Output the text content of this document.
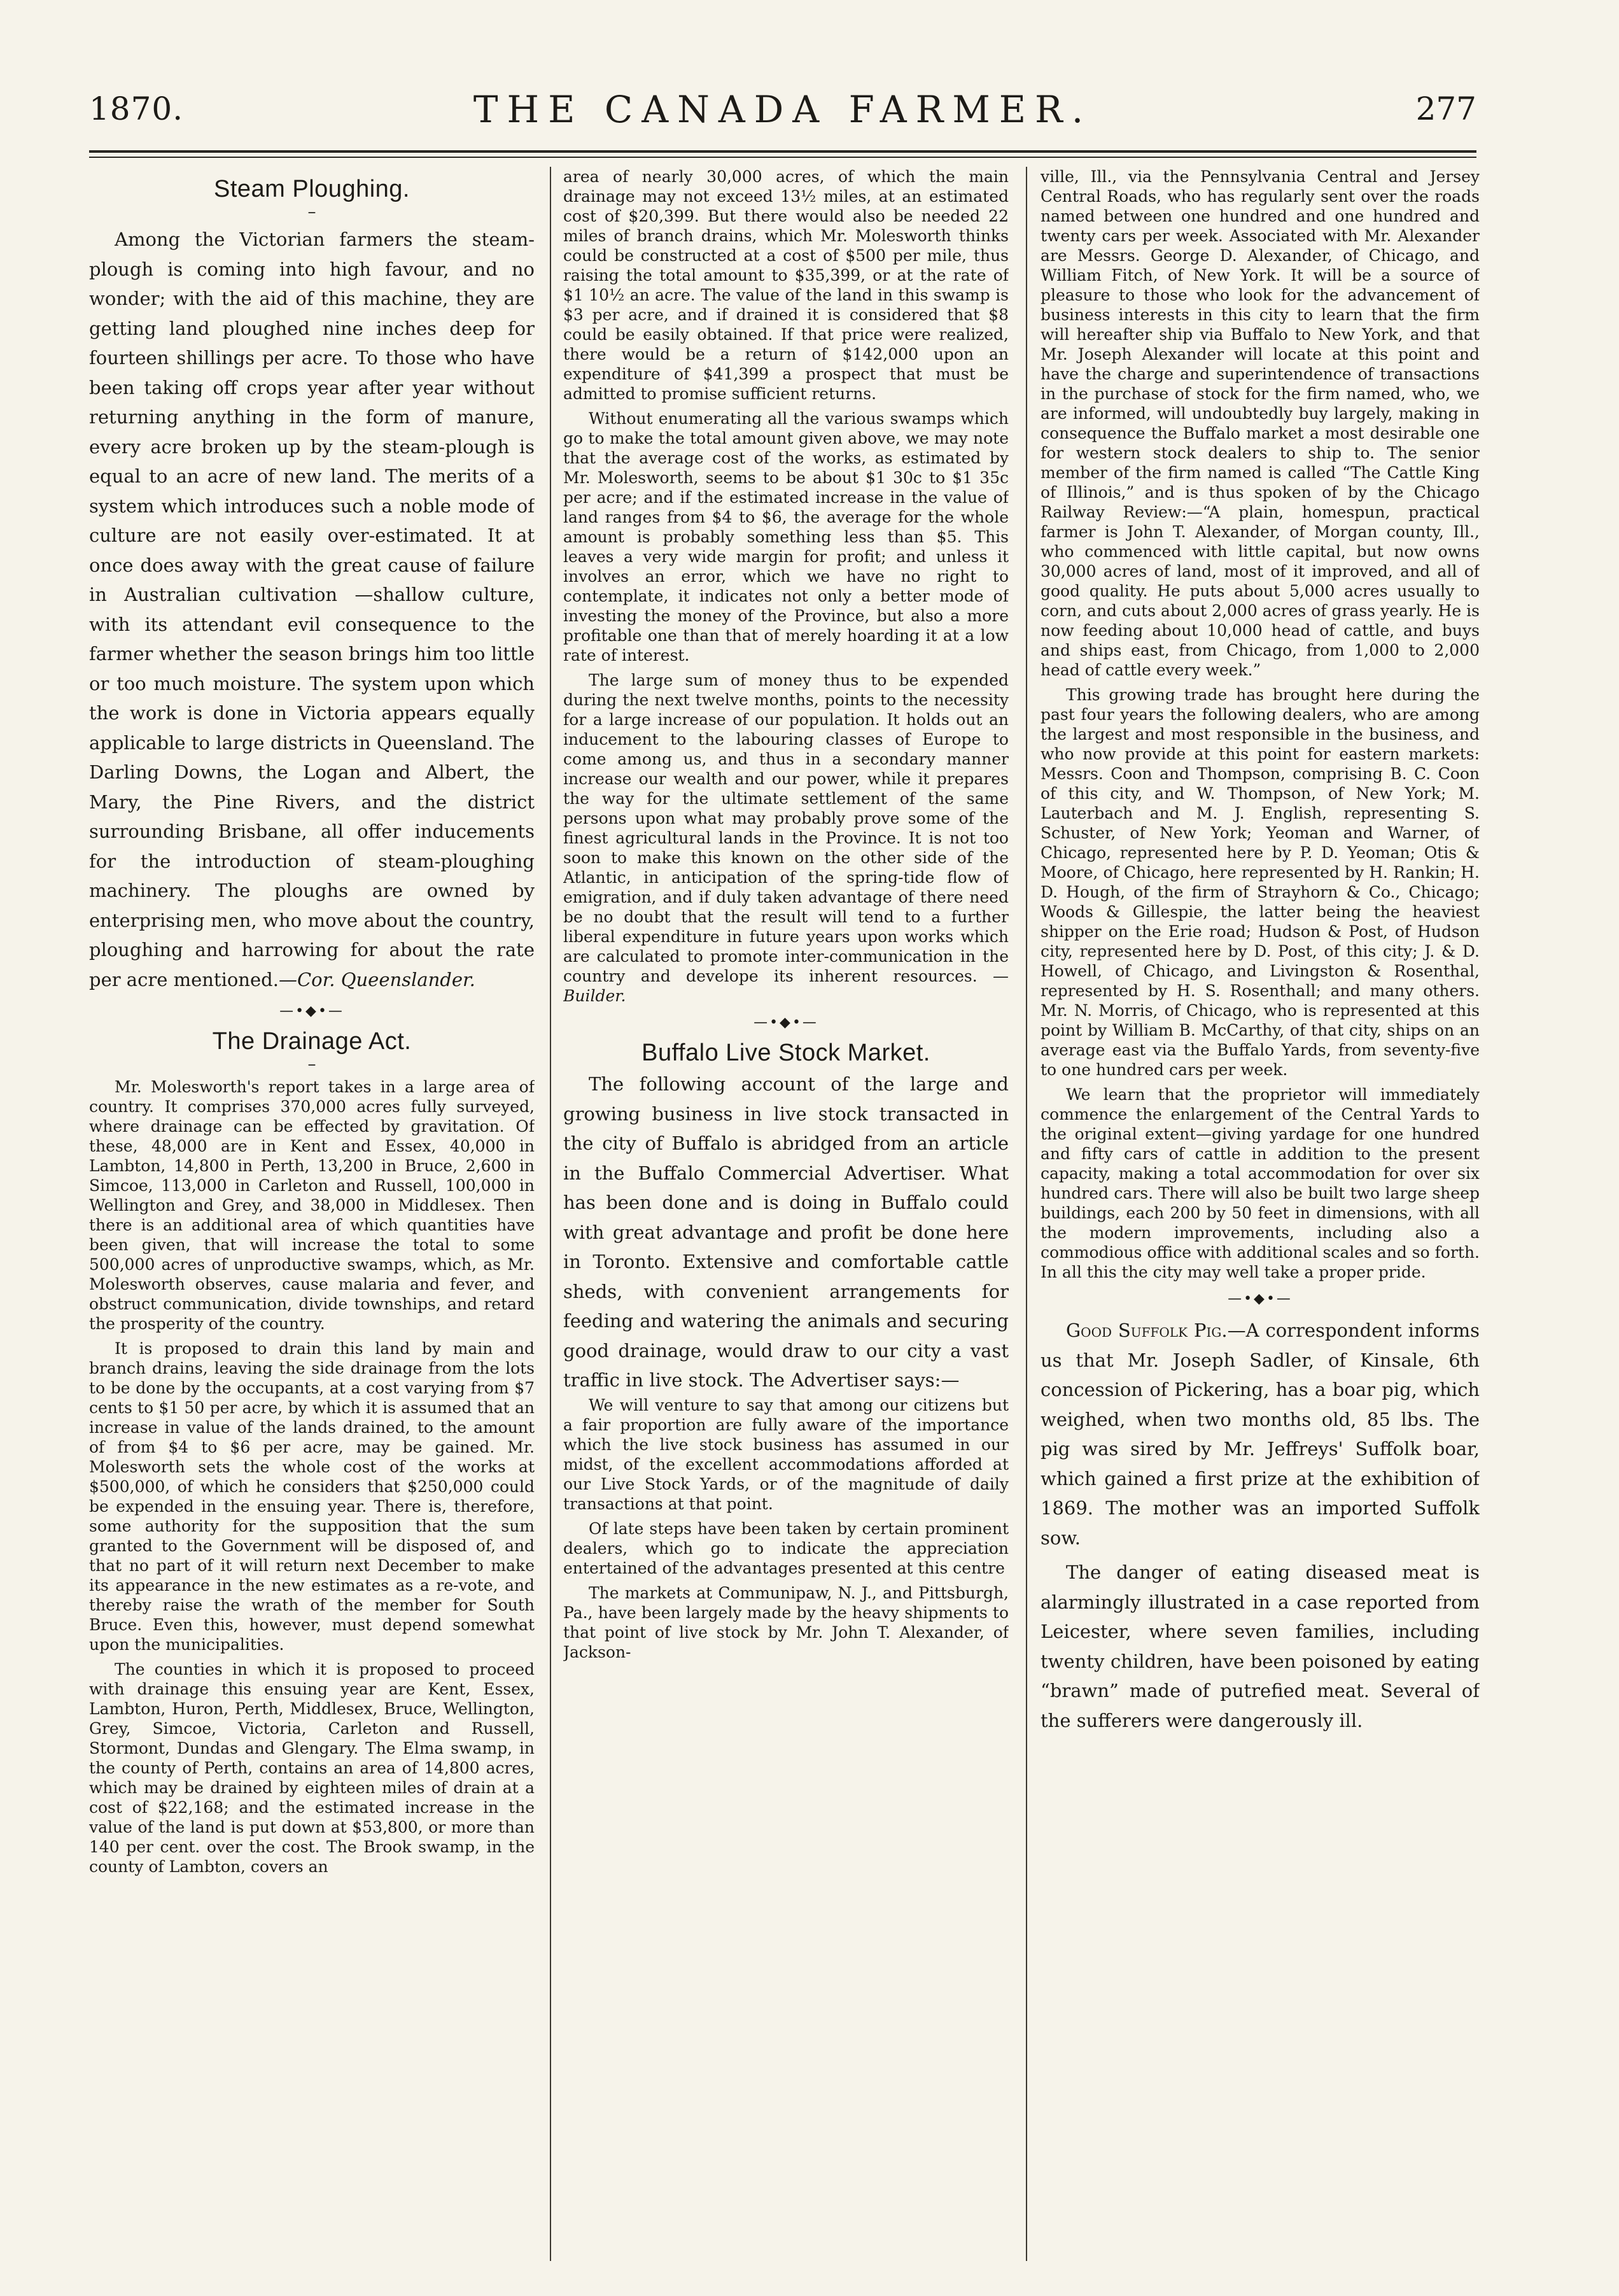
1870.	THE CANADA FARMER.	277
Steam Ploughing.
–

Among the Victorian farmers the steam-plough is coming into high favour, and no wonder; with the aid of this machine, they are getting land ploughed nine inches deep for fourteen shillings per acre. To those who have been taking off crops year after year without returning anything in the form of manure, every acre broken up by the steam-plough is equal to an acre of new land. The merits of a system which introduces such a noble mode of culture are not easily over-estimated. It at once does away with the great cause of failure in Australian cultivation —shallow culture, with its attendant evil consequence to the farmer whether the season brings him too little or too much moisture. The system upon which the work is done in Victoria appears equally applicable to large districts in Queensland. The Darling Downs, the Logan and Albert, the Mary, the Pine Rivers, and the district surrounding Brisbane, all offer inducements for the introduction of steam-ploughing machinery. The ploughs are owned by enterprising men, who move about the country, ploughing and harrowing for about the rate per acre mentioned.—Cor. Queenslander.

—•◆•—
The Drainage Act.
–

Mr. Molesworth's report takes in a large area of country. It comprises 370,000 acres fully surveyed, where drainage can be effected by gravitation. Of these, 48,000 are in Kent and Essex, 40,000 in Lambton, 14,800 in Perth, 13,200 in Bruce, 2,600 in Simcoe, 113,000 in Carleton and Russell, 100,000 in Wellington and Grey, and 38,000 in Middlesex. Then there is an additional area of which quantities have been given, that will increase the total to some 500,000 acres of unproductive swamps, which, as Mr. Molesworth observes, cause malaria and fever, and obstruct communication, divide townships, and retard the prosperity of the country.

It is proposed to drain this land by main and branch drains, leaving the side drainage from the lots to be done by the occupants, at a cost varying from $7 cents to $1 50 per acre, by which it is assumed that an increase in value of the lands drained, to the amount of from $4 to $6 per acre, may be gained. Mr. Molesworth sets the whole cost of the works at $500,000, of which he considers that $250,000 could be expended in the ensuing year. There is, therefore, some authority for the supposition that the sum granted to the Government will be disposed of, and that no part of it will return next December to make its appearance in the new estimates as a re-vote, and thereby raise the wrath of the member for South Bruce. Even this, however, must depend somewhat upon the municipalities.

The counties in which it is proposed to proceed with drainage this ensuing year are Kent, Essex, Lambton, Huron, Perth, Middlesex, Bruce, Wellington, Grey, Simcoe, Victoria, Carleton and Russell, Stormont, Dundas and Glengary. The Elma swamp, in the county of Perth, contains an area of 14,800 acres, which may be drained by eighteen miles of drain at a cost of $22,168; and the estimated increase in the value of the land is put down at $53,800, or more than 140 per cent. over the cost. The Brook swamp, in the county of Lambton, covers an

area of nearly 30,000 acres, of which the main drainage may not exceed 13½ miles, at an estimated cost of $20,399. But there would also be needed 22 miles of branch drains, which Mr. Molesworth thinks could be constructed at a cost of $500 per mile, thus raising the total amount to $35,399, or at the rate of $1 10½ an acre. The value of the land in this swamp is $3 per acre, and if drained it is considered that $8 could be easily obtained. If that price were realized, there would be a return of $142,000 upon an expenditure of $41,399 a prospect that must be admitted to promise sufficient returns.

Without enumerating all the various swamps which go to make the total amount given above, we may note that the average cost of the works, as estimated by Mr. Molesworth, seems to be about $1 30c to $1 35c per acre; and if the estimated increase in the value of land ranges from $4 to $6, the average for the whole amount is probably something less than $5. This leaves a very wide margin for profit; and unless it involves an error, which we have no right to contemplate, it indicates not only a better mode of investing the money of the Province, but also a more profitable one than that of merely hoarding it at a low rate of interest.

The large sum of money thus to be expended during the next twelve months, points to the necessity for a large increase of our population. It holds out an inducement to the labouring classes of Europe to come among us, and thus in a secondary manner increase our wealth and our power, while it prepares the way for the ultimate settlement of the same persons upon what may probably prove some of the finest agricultural lands in the Province. It is not too soon to make this known on the other side of the Atlantic, in anticipation of the spring-tide flow of emigration, and if duly taken advantage of there need be no doubt that the result will tend to a further liberal expenditure in future years upon works which are calculated to promote inter-communication in the country and develope its inherent resources. — Builder.

—•◆•—
Buffalo Live Stock Market.

The following account of the large and growing business in live stock transacted in the city of Buffalo is abridged from an article in the Buffalo Commercial Advertiser. What has been done and is doing in Buffalo could with great advantage and profit be done here in Toronto. Extensive and comfortable cattle sheds, with convenient arrangements for feeding and watering the animals and securing good drainage, would draw to our city a vast traffic in live stock. The Advertiser says:—

We will venture to say that among our citizens but a fair proportion are fully aware of the importance which the live stock business has assumed in our midst, of the excellent accommodations afforded at our Live Stock Yards, or of the magnitude of daily transactions at that point.

Of late steps have been taken by certain prominent dealers, which go to indicate the appreciation entertained of the advantages presented at this centre

The markets at Communipaw, N. J., and Pittsburgh, Pa., have been largely made by the heavy shipments to that point of live stock by Mr. John T. Alexander, of Jackson-

ville, Ill., via the Pennsylvania Central and Jersey Central Roads, who has regularly sent over the roads named between one hundred and one hundred and twenty cars per week. Associated with Mr. Alexander are Messrs. George D. Alexander, of Chicago, and William Fitch, of New York. It will be a source of pleasure to those who look for the advancement of business interests in this city to learn that the firm will hereafter ship via Buffalo to New York, and that Mr. Joseph Alexander will locate at this point and have the charge and superintendence of transactions in the purchase of stock for the firm named, who, we are informed, will undoubtedly buy largely, making in consequence the Buffalo market a most desirable one for western stock dealers to ship to. The senior member of the firm named is called “The Cattle King of Illinois,” and is thus spoken of by the Chicago Railway Review:—“A plain, homespun, practical farmer is John T. Alexander, of Morgan county, Ill., who commenced with little capital, but now owns 30,000 acres of land, most of it improved, and all of good quality. He puts about 5,000 acres usually to corn, and cuts about 2,000 acres of grass yearly. He is now feeding about 10,000 head of cattle, and buys and ships east, from Chicago, from 1,000 to 2,000 head of cattle every week.”

This growing trade has brought here during the past four years the following dealers, who are among the largest and most responsible in the business, and who now provide at this point for eastern markets: Messrs. Coon and Thompson, comprising B. C. Coon of this city, and W. Thompson, of New York; M. Lauterbach and M. J. English, representing S. Schuster, of New York; Yeoman and Warner, of Chicago, represented here by P. D. Yeoman; Otis & Moore, of Chicago, here represented by H. Rankin; H. D. Hough, of the firm of Strayhorn & Co., Chicago; Woods & Gillespie, the latter being the heaviest shipper on the Erie road; Hudson & Post, of Hudson city, represented here by D. Post, of this city; J. & D. Howell, of Chicago, and Livingston & Rosenthal, represented by H. S. Rosenthall; and many others. Mr. N. Morris, of Chicago, who is represented at this point by William B. McCarthy, of that city, ships on an average east via the Buffalo Yards, from seventy-five to one hundred cars per week.

We learn that the proprietor will immediately commence the enlargement of the Central Yards to the original extent—giving yardage for one hundred and fifty cars of cattle in addition to the present capacity, making a total accommodation for over six hundred cars. There will also be built two large sheep buildings, each 200 by 50 feet in dimensions, with all the modern improvements, including also a commodious office with additional scales and so forth. In all this the city may well take a proper pride.

—•◆•—

Good Suffolk Pig.—A correspondent informs us that Mr. Joseph Sadler, of Kinsale, 6th concession of Pickering, has a boar pig, which weighed, when two months old, 85 lbs. The pig was sired by Mr. Jeffreys' Suffolk boar, which gained a first prize at the exhibition of 1869. The mother was an imported Suffolk sow.

The danger of eating diseased meat is alarmingly illustrated in a case reported from Leicester, where seven families, including twenty children, have been poisoned by eating “brawn” made of putrefied meat. Several of the sufferers were dangerously ill.
